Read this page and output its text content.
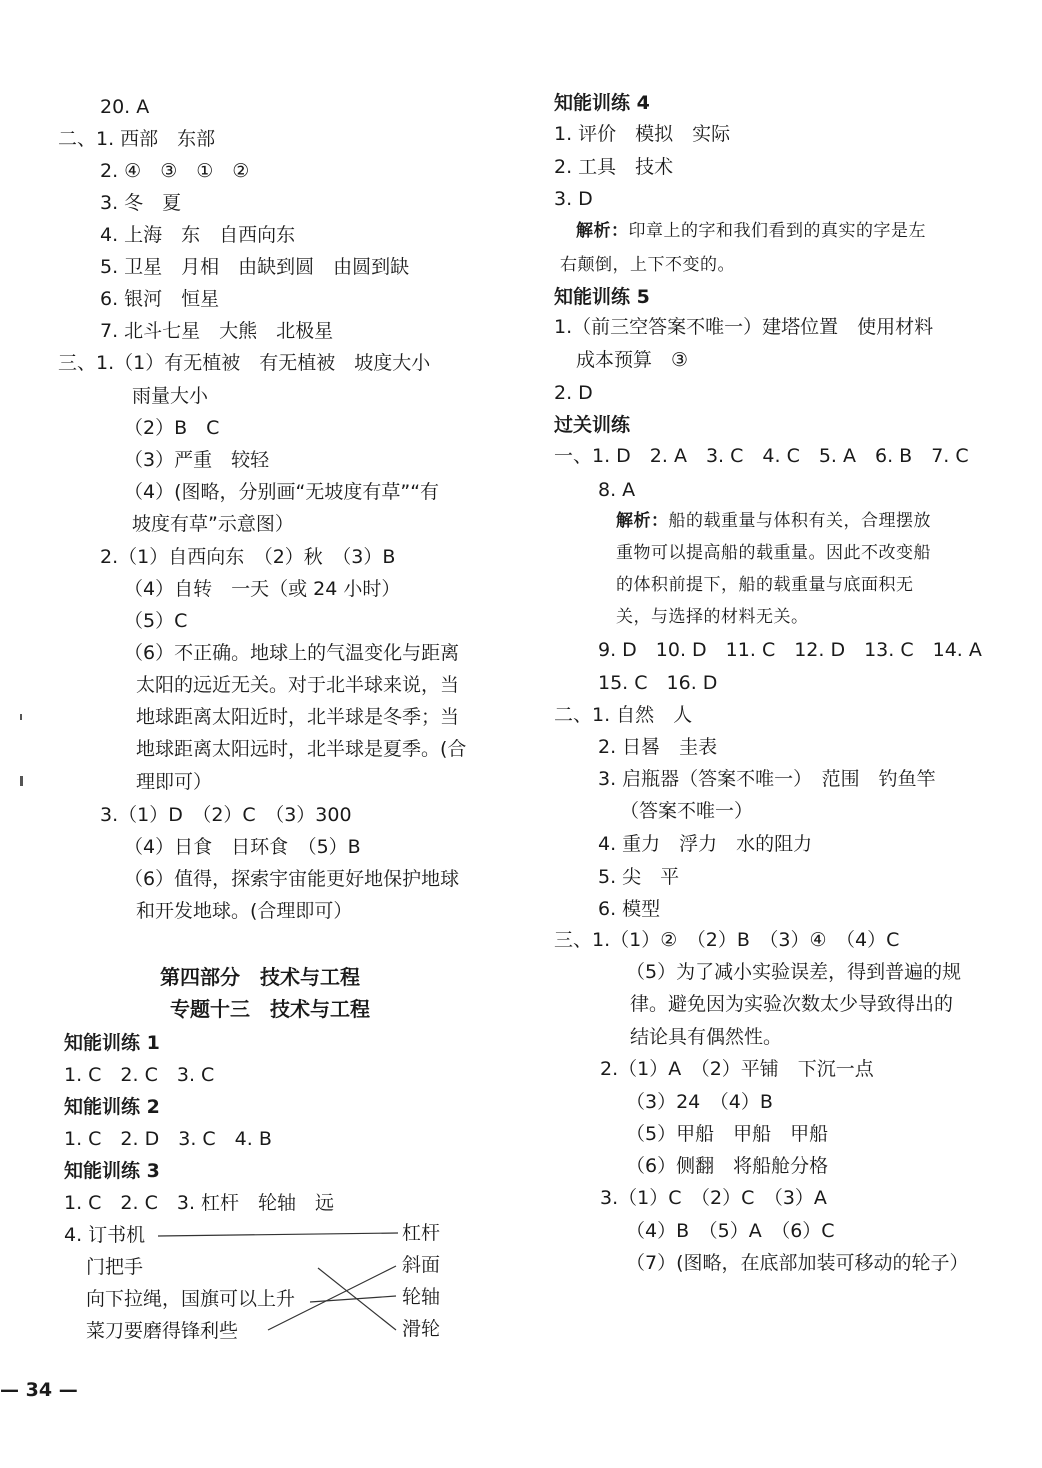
20. A
二、1. 西部　东部
2. ④　③　①　②
3. 冬　夏
4. 上海　东　自西向东
5. 卫星　月相　由缺到圆　由圆到缺
6. 银河　恒星
7. 北斗七星　大熊　北极星
三、1.（1）有无植被　有无植被　坡度大小
雨量大小
（2）B　C
（3）严重　较轻
（4）(图略，分别画“无坡度有草”“有
坡度有草”示意图）
2.（1）自西向东　（2）秋　（3）B
（4）自转　一天（或 24 小时）
（5）C
（6）不正确。地球上的气温变化与距离
太阳的远近无关。对于北半球来说，当
地球距离太阳近时，北半球是冬季；当
地球距离太阳远时，北半球是夏季。(合
理即可）
3.（1）D　（2）C　（3）300
（4）日食　日环食　（5）B
（6）值得，探索宇宙能更好地保护地球
和开发地球。(合理即可）
第四部分　技术与工程
专题十三　技术与工程
知能训练 1
1. C　2. C　3. C
知能训练 2
1. C　2. D　3. C　4. B
知能训练 3
1. C　2. C　3. 杠杆　轮轴　远
4. 订书机
门把手
向下拉绳，国旗可以上升
菜刀要磨得锋利些
杠杆
斜面
轮轴
滑轮
知能训练 4
1. 评价　模拟　实际
2. 工具　技术
3. D
解析：印章上的字和我们看到的真实的字是左
右颠倒，上下不变的。
知能训练 5
1.（前三空答案不唯一）建塔位置　使用材料
成本预算　③
2. D
过关训练
一、1. D　2. A　3. C　4. C　5. A　6. B　7. C
8. A
解析：船的载重量与体积有关，合理摆放
重物可以提高船的载重量。因此不改变船
的体积前提下，船的载重量与底面积无
关，与选择的材料无关。
9. D　10. D　11. C　12. D　13. C　14. A
15. C　16. D
二、1. 自然　人
2. 日晷　圭表
3. 启瓶器（答案不唯一）　范围　钓鱼竿
（答案不唯一）
4. 重力　浮力　水的阻力
5. 尖　平
6. 模型
三、1.（1）②　（2）B　（3）④　（4）C
（5）为了减小实验误差，得到普遍的规
律。避免因为实验次数太少导致得出的
结论具有偶然性。
2.（1）A　（2）平铺　下沉一点
（3）24　（4）B
（5）甲船　甲船　甲船
（6）侧翻　将船舱分格
3.（1）C　（2）C　（3）A
（4）B　（5）A　（6）C
（7）(图略，在底部加装可移动的轮子）
— 34 —
